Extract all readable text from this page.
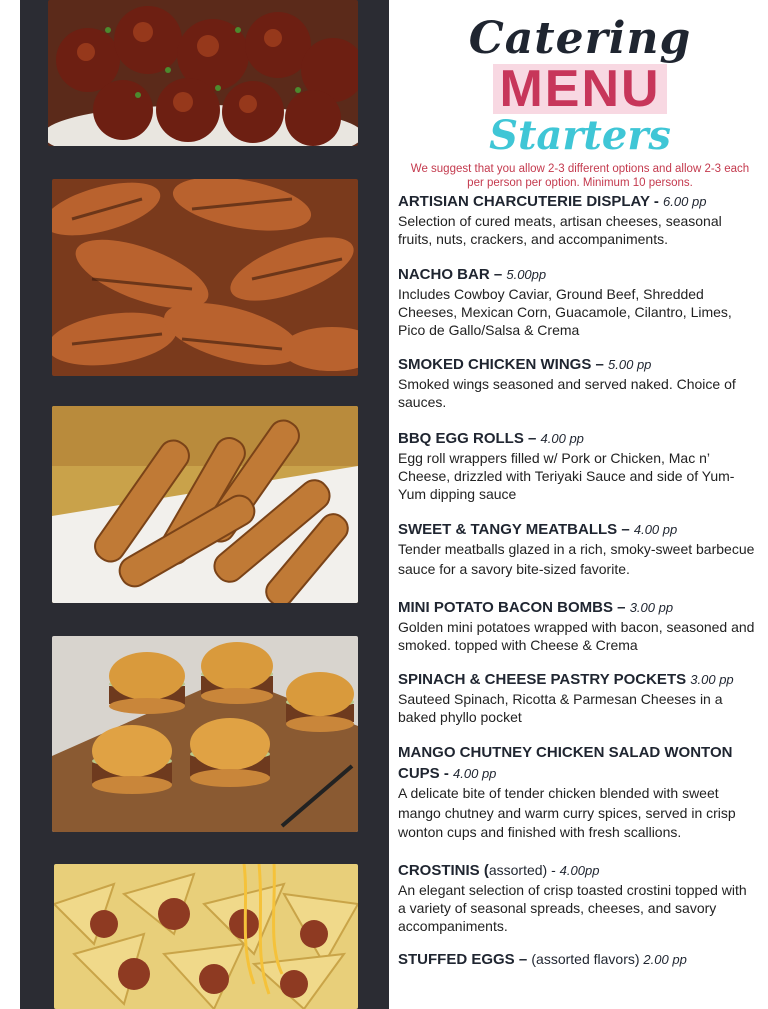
Catering
MENU
Starters
We suggest that you allow 2-3 different options and allow 2-3 each per person per option. Minimum 10 persons.
ARTISIAN CHARCUTERIE DISPLAY - 6.00 pp
Selection of cured meats, artisan cheeses, seasonal fruits, nuts, crackers, and accompaniments.
NACHO BAR – 5.00pp
Includes Cowboy Caviar, Ground Beef, Shredded Cheeses, Mexican Corn, Guacamole, Cilantro, Limes, Pico de Gallo/Salsa & Crema
SMOKED CHICKEN WINGS – 5.00 pp
Smoked wings seasoned and served naked. Choice of sauces.
BBQ EGG ROLLS – 4.00 pp
Egg roll wrappers filled w/ Pork or Chicken, Mac n’ Cheese, drizzled with Teriyaki Sauce and side of Yum-Yum dipping sauce
SWEET & TANGY MEATBALLS – 4.00 pp
Tender meatballs glazed in a rich, smoky-sweet barbecue sauce for a savory bite-sized favorite.
MINI POTATO BACON BOMBS – 3.00 pp
Golden mini potatoes wrapped with bacon, seasoned and smoked. topped with Cheese & Crema
SPINACH & CHEESE PASTRY POCKETS 3.00 pp
Sauteed Spinach, Ricotta & Parmesan Cheeses in a baked phyllo pocket
MANGO CHUTNEY CHICKEN SALAD WONTON CUPS - 4.00 pp
A delicate bite of tender chicken blended with sweet mango chutney and warm curry spices, served in crisp wonton cups and finished with fresh scallions.
CROSTINIS (assorted) - 4.00pp
An elegant selection of crisp toasted crostini topped with a variety of seasonal spreads, cheeses, and savory accompaniments.
STUFFED EGGS – (assorted flavors) 2.00 pp
